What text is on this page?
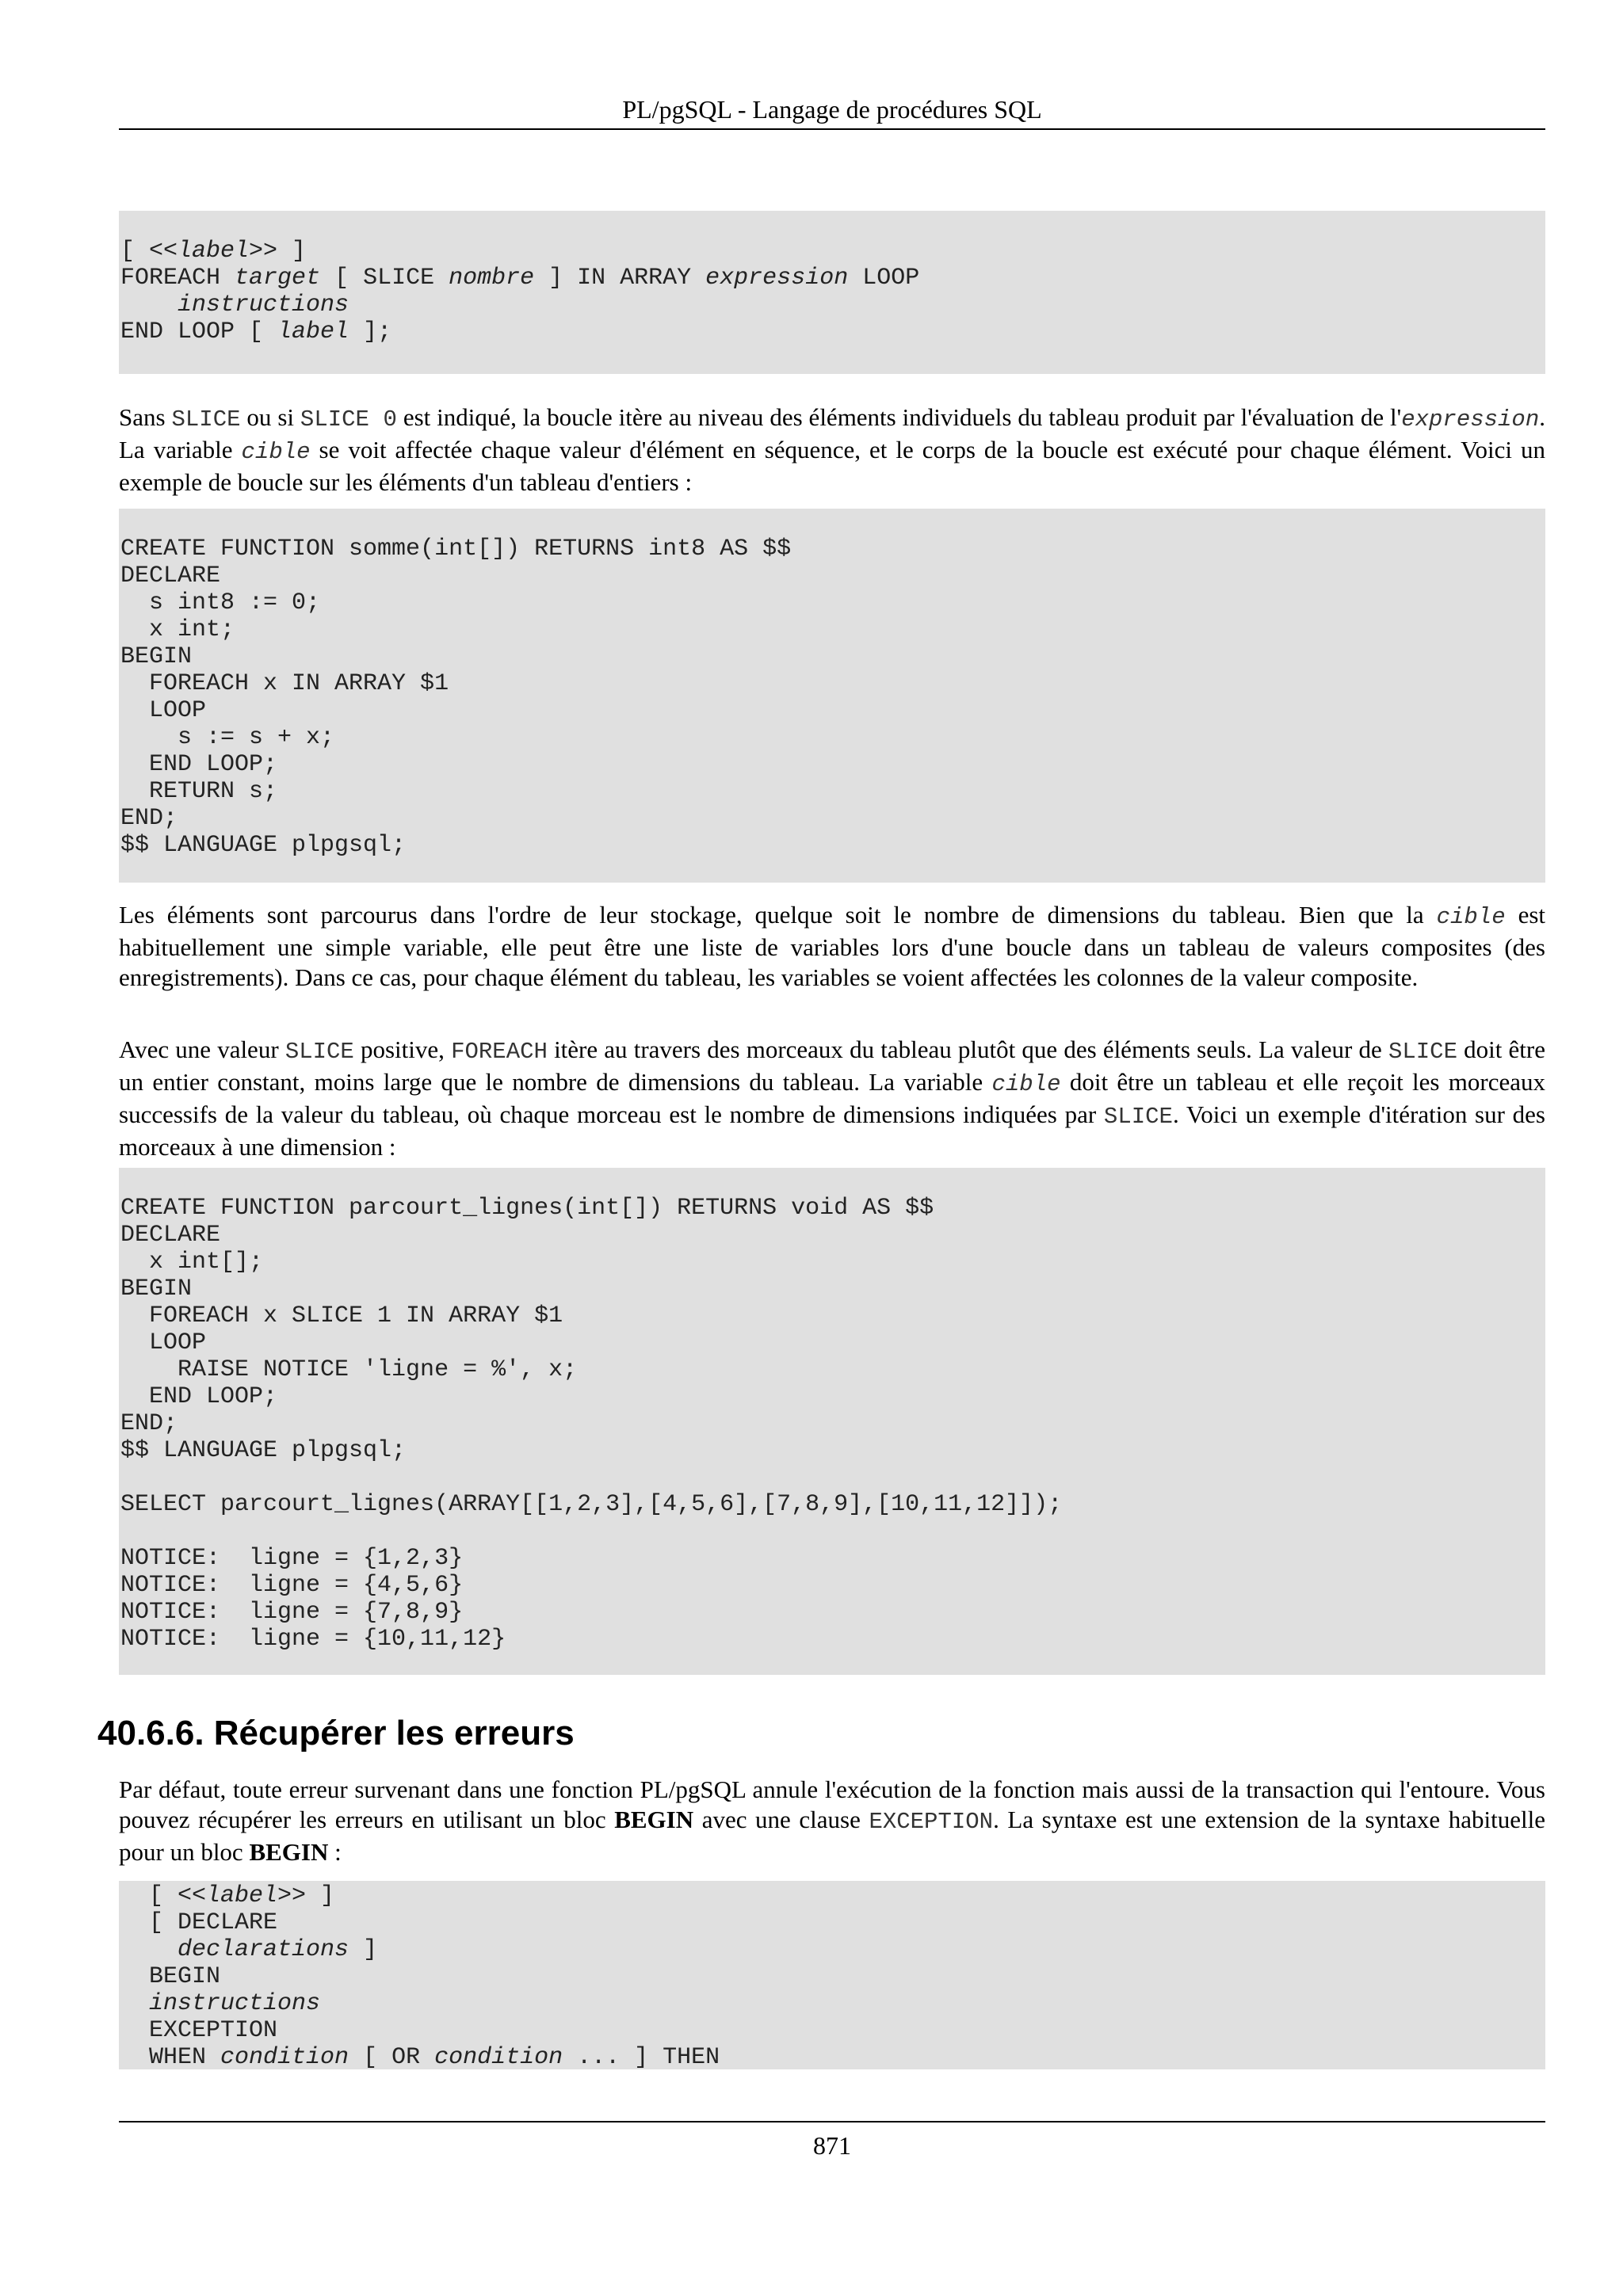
PL/pgSQL - Langage de procédures SQL
[ <<label>> ]
FOREACH target [ SLICE nombre ] IN ARRAY expression LOOP
instructions
END LOOP [ label ];

Sans SLICE ou si SLICE 0 est indiqué, la boucle itère au niveau des éléments individuels du tableau produit par l'évaluation de l'expression. La variable cible se voit affectée chaque valeur d'élément en séquence, et le corps de la boucle est exécuté pour chaque élément. Voici un exemple de boucle sur les éléments d'un tableau d'entiers :

CREATE FUNCTION somme(int[]) RETURNS int8 AS $$
DECLARE
s int8 := 0;
x int;
BEGIN
FOREACH x IN ARRAY $1
LOOP
s := s + x;
END LOOP;
RETURN s;
END;
$$ LANGUAGE plpgsql;

Les éléments sont parcourus dans l'ordre de leur stockage, quelque soit le nombre de dimensions du tableau. Bien que la cible est habituellement une simple variable, elle peut être une liste de variables lors d'une boucle dans un tableau de valeurs composites (des enregistrements). Dans ce cas, pour chaque élément du tableau, les variables se voient affectées les colonnes de la valeur composite.

Avec une valeur SLICE positive, FOREACH itère au travers des morceaux du tableau plutôt que des éléments seuls. La valeur de SLICE doit être un entier constant, moins large que le nombre de dimensions du tableau. La variable cible doit être un tableau et elle reçoit les morceaux successifs de la valeur du tableau, où chaque morceau est le nombre de dimensions indiquées par SLICE. Voici un exemple d'itération sur des morceaux à une dimension :

CREATE FUNCTION parcourt_lignes(int[]) RETURNS void AS $$
DECLARE
x int[];
BEGIN
FOREACH x SLICE 1 IN ARRAY $1
LOOP
RAISE NOTICE 'ligne = %', x;
END LOOP;
END;
$$ LANGUAGE plpgsql;

SELECT parcourt_lignes(ARRAY[[1,2,3],[4,5,6],[7,8,9],[10,11,12]]);

NOTICE:  ligne = {1,2,3}
NOTICE:  ligne = {4,5,6}
NOTICE:  ligne = {7,8,9}
NOTICE:  ligne = {10,11,12}

40.6.6. Récupérer les erreurs

Par défaut, toute erreur survenant dans une fonction PL/pgSQL annule l'exécution de la fonction mais aussi de la transaction qui l'entoure. Vous pouvez récupérer les erreurs en utilisant un bloc BEGIN avec une clause EXCEPTION. La syntaxe est une extension de la syntaxe habituelle pour un bloc BEGIN :

[ <<label>> ]
[ DECLARE
declarations ]
BEGIN
instructions
EXCEPTION
WHEN condition [ OR condition ... ] THEN
871
